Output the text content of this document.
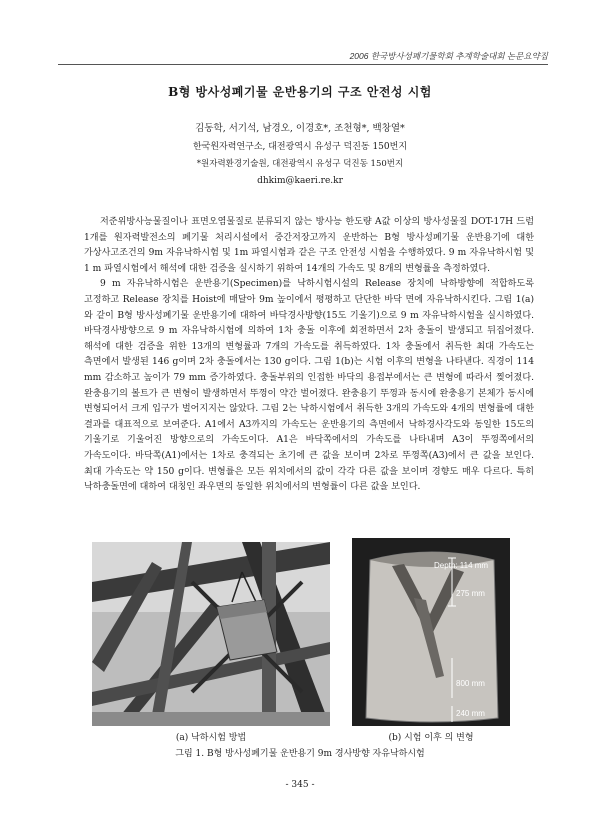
2006 한국방사성폐기물학회 추계학술대회 논문요약집
B형 방사성폐기물 운반용기의 구조 안전성 시험
김동학, 서기석, 남경오, 이경호*, 조천형*, 백창열*
한국원자력연구소, 대전광역시 유성구 덕진동 150번지
*원자력환경기술원, 대전광역시 유성구 덕진동 150번지
dhkim@kaeri.re.kr

저준위방사능물질이나 표면오염물질로 분류되지 않는 방사능 한도량 A값 이상의 방사성물질 DOT-17H 드럼 1개를 원자력발전소의 폐기물 처리시설에서 중간저장고까지 운반하는 B형 방사성폐기물 운반용기에 대한 가상사고조건의 9m 자유낙하시험 및 1m 파열시험과 같은 구조 안전성 시험을 수행하였다. 9 m 자유낙하시험 및 1 m 파열시험에서 해석에 대한 검증을 실시하기 위하여 14개의 가속도 및 8개의 변형률을 측정하였다.

9 m 자유낙하시험은 운반용기(Specimen)를 낙하시험시설의 Release 장치에 낙하방향에 적합하도록 고정하고 Release 장치를 Hoist에 매달아 9m 높이에서 평평하고 단단한 바닥 면에 자유낙하시킨다. 그림 1(a)와 같이 B형 방사성폐기물 운반용기에 대하여 바닥경사방향(15도 기울기)으로 9 m 자유낙하시험을 실시하였다. 바닥경사방향으로 9 m 자유낙하시험에 의하여 1차 충돌 이후에 회전하면서 2차 충돌이 발생되고 뒤집어졌다. 해석에 대한 검증을 위한 13개의 변형률과 7개의 가속도를 취득하였다. 1차 충돌에서 취득한 최대 가속도는 측면에서 발생된 146 g이며 2차 충돌에서는 130 g이다. 그림 1(b)는 시험 이후의 변형을 나타낸다. 직경이 114 mm 감소하고 높이가 79 mm 증가하였다. 충돌부위의 인접한 바닥의 용접부에서는 큰 변형에 따라서 찢어졌다. 완충용기의 볼트가 큰 변형이 발생하면서 뚜껑이 약간 벌어졌다. 완충용기 뚜껑과 동시에 완충용기 본체가 동시에 변형되어서 크게 입구가 벌어지지는 않았다. 그림 2는 낙하시험에서 취득한 3개의 가속도와 4개의 변형률에 대한 결과를 대표적으로 보여준다. A1에서 A3까지의 가속도는 운반용기의 측면에서 낙하경사각도와 동일한 15도의 기울기로 기울어진 방향으로의 가속도이다. A1은 바닥쪽에서의 가속도를 나타내며 A3이 뚜껑쪽에서의 가속도이다. 바닥쪽(A1)에서는 1차로 충격되는 초기에 큰 값을 보이며 2차로 뚜껑쪽(A3)에서 큰 값을 보인다. 최대 가속도는 약 150 g이다. 변형률은 모든 위치에서의 값이 각각 다른 값을 보이며 경향도 매우 다르다. 특히 낙하충돌면에 대하여 대칭인 좌우면의 동일한 위치에서의 변형률이 다른 값을 보인다.

Depth: 114 mm
275 mm
800 mm
240 mm
(a) 낙하시험 방법	(b) 시험 이후 의 변형
그림 1. B형 방사성폐기물 운반용기 9m 경사방향 자유낙하시험
- 345 -
